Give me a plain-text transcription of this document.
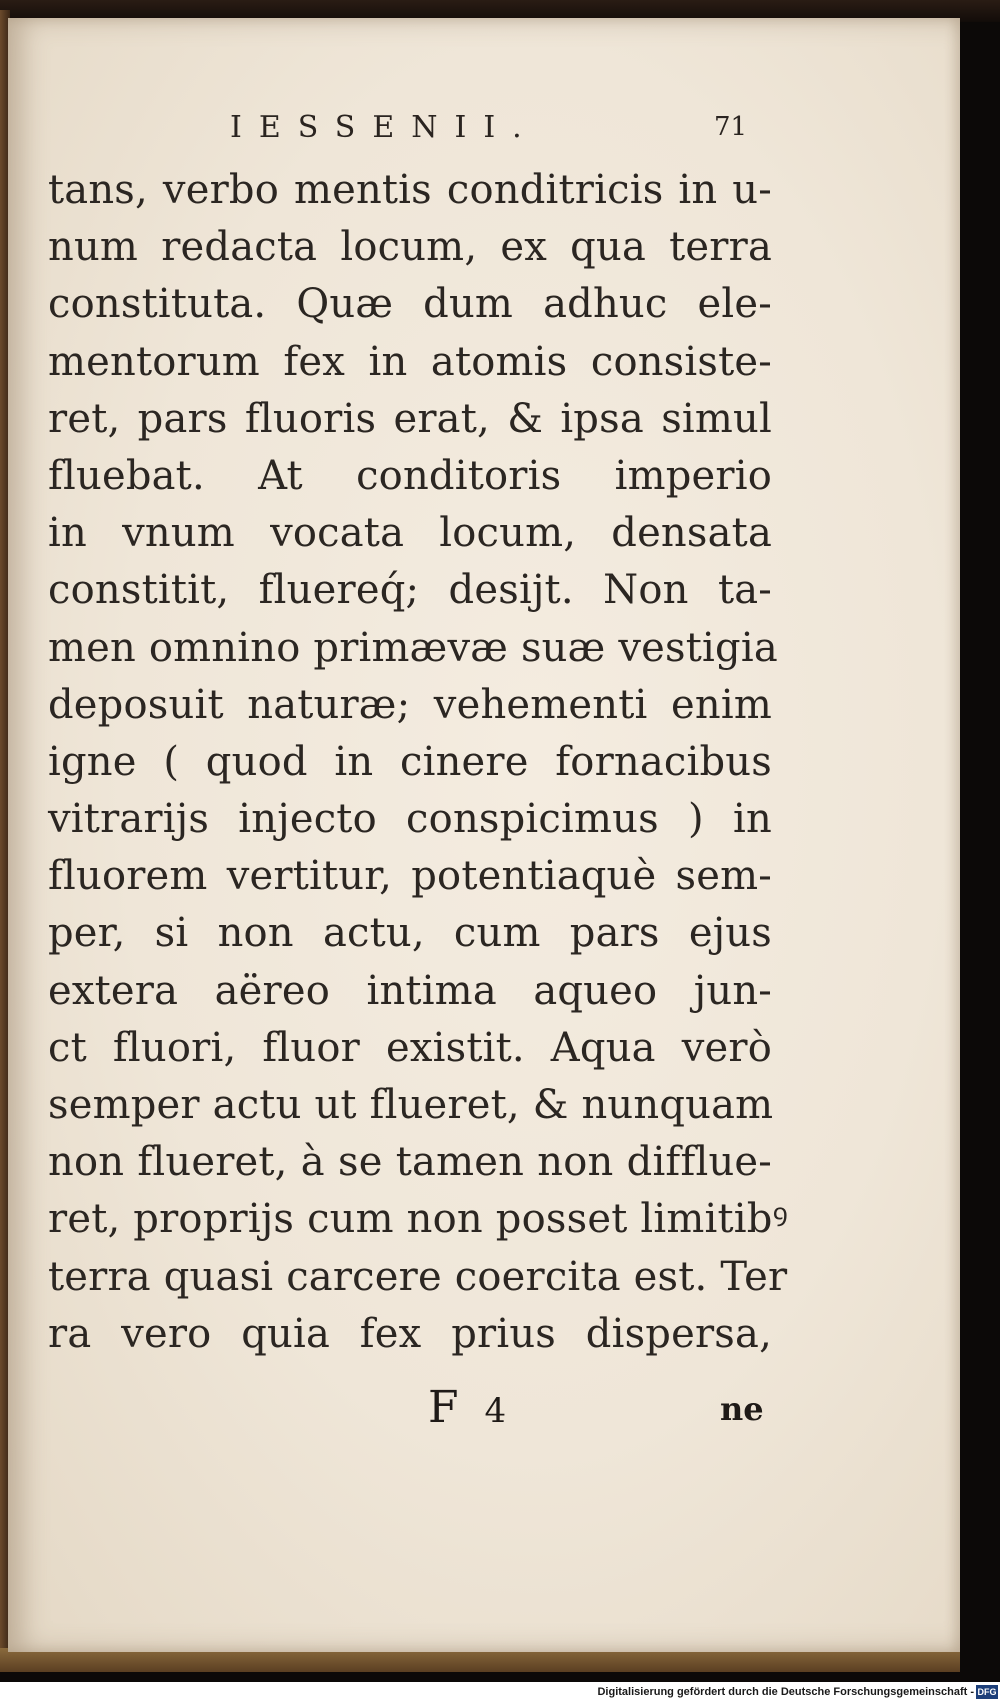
IESSENII.	71
tans, verbo mentis conditricis in u-
num redacta locum, ex qua terra
constituta. Quæ dum adhuc ele-
mentorum fex in atomis consiste-
ret, pars fluoris erat, & ipsa simul
fluebat. At conditoris imperio
in vnum vocata locum, densata
constitit, fluereq́; desijt. Non ta-
men omnino primævæ suæ vestigia
deposuit naturæ; vehementi enim
igne ( quod in cinere fornacibus
vitrarijs injecto conspicimus ) in
fluorem vertitur, potentiaquè sem-
per, si non actu, cum pars ejus
extera aëreo intima aqueo jun-
ct fluori, fluor existit. Aqua verò
semper actu ut flueret, & nunquam
non flueret, à se tamen non difflue-
ret, proprijs cum non posset limitibꝰ
terra quasi carcere coercita est. Ter
ra vero quia fex prius dispersa,
F 4	ne
Digitalisierung gefördert durch die Deutsche Forschungsgemeinschaft - DFG
